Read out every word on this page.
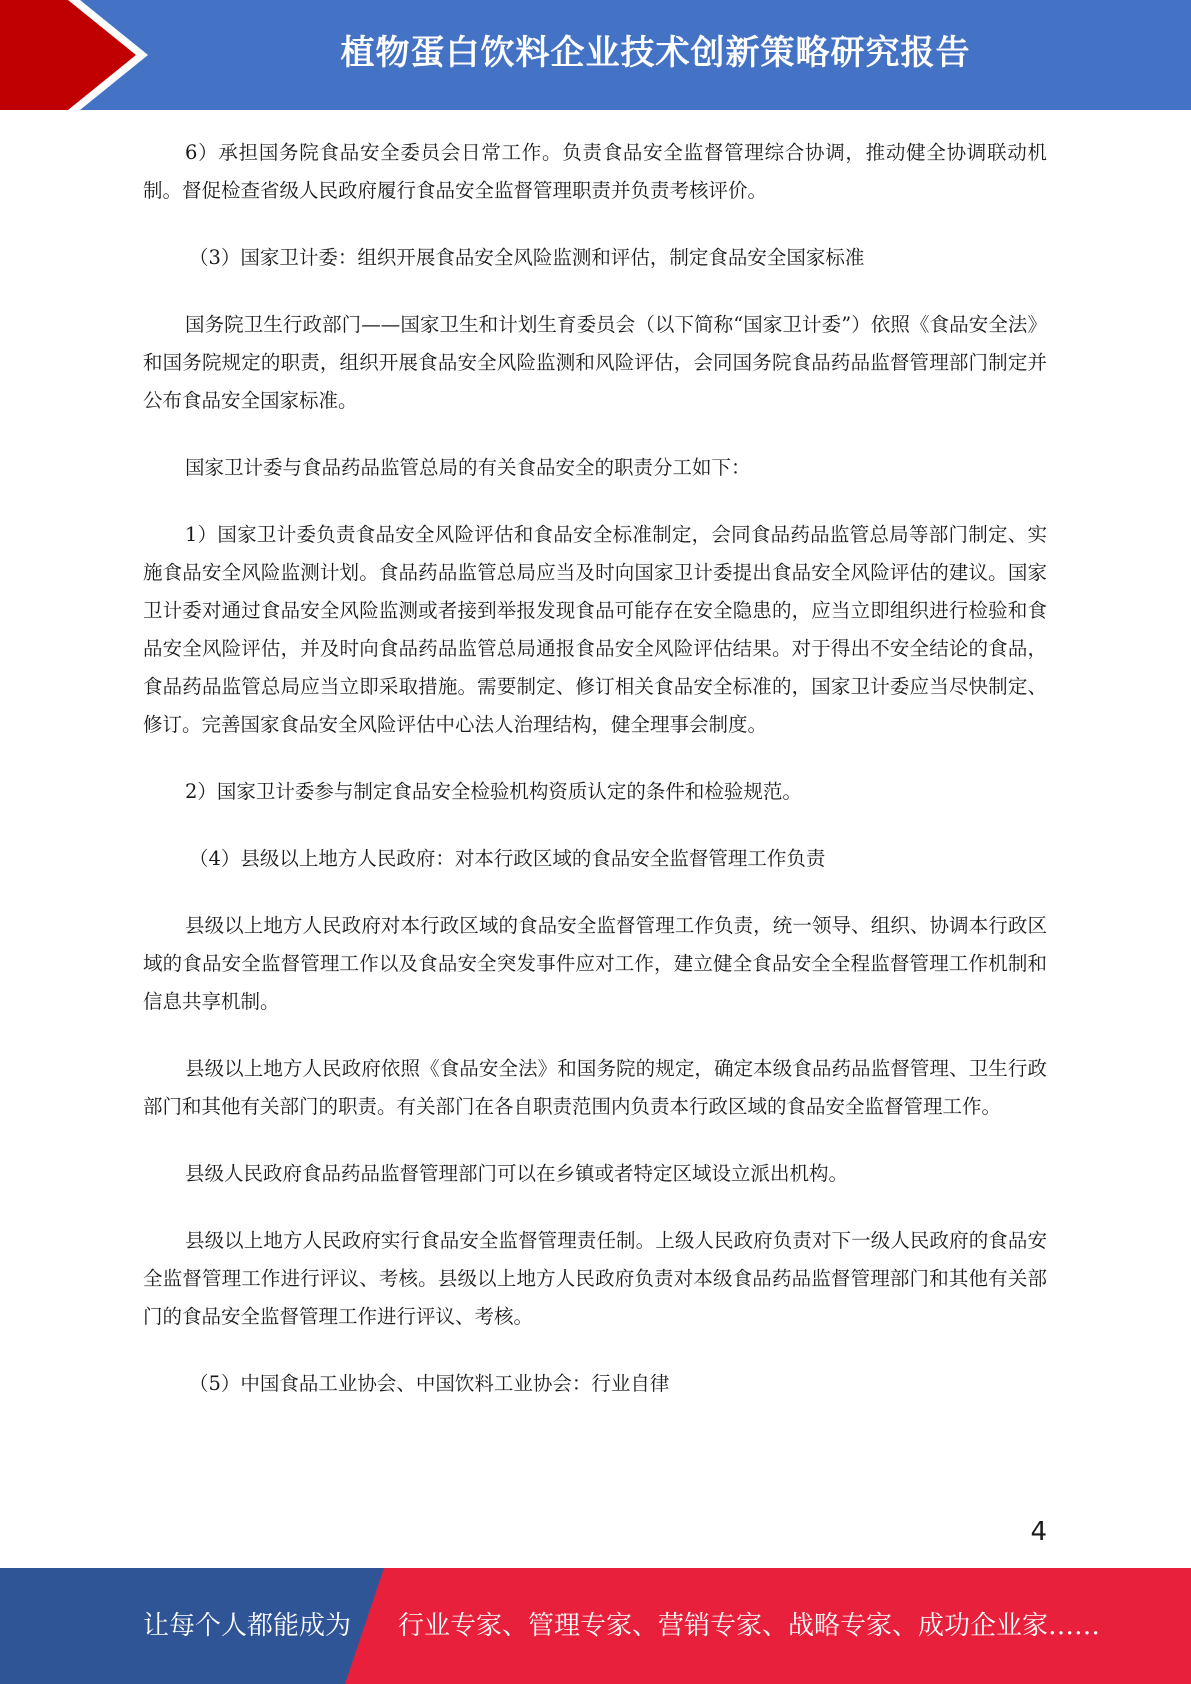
植物蛋白饮料企业技术创新策略研究报告

6）承担国务院食品安全委员会日常工作。负责食品安全监督管理综合协调，推动健全协调联动机制。督促检查省级人民政府履行食品安全监督管理职责并负责考核评价。

（3）国家卫计委：组织开展食品安全风险监测和评估，制定食品安全国家标准

国务院卫生行政部门——国家卫生和计划生育委员会（以下简称“国家卫计委”）依照《食品安全法》和国务院规定的职责，组织开展食品安全风险监测和风险评估，会同国务院食品药品监督管理部门制定并公布食品安全国家标准。

国家卫计委与食品药品监管总局的有关食品安全的职责分工如下：

1）国家卫计委负责食品安全风险评估和食品安全标准制定，会同食品药品监管总局等部门制定、实施食品安全风险监测计划。食品药品监管总局应当及时向国家卫计委提出食品安全风险评估的建议。国家卫计委对通过食品安全风险监测或者接到举报发现食品可能存在安全隐患的，应当立即组织进行检验和食品安全风险评估，并及时向食品药品监管总局通报食品安全风险评估结果。对于得出不安全结论的食品，食品药品监管总局应当立即采取措施。需要制定、修订相关食品安全标准的，国家卫计委应当尽快制定、修订。完善国家食品安全风险评估中心法人治理结构，健全理事会制度。

2）国家卫计委参与制定食品安全检验机构资质认定的条件和检验规范。

（4）县级以上地方人民政府：对本行政区域的食品安全监督管理工作负责

县级以上地方人民政府对本行政区域的食品安全监督管理工作负责，统一领导、组织、协调本行政区域的食品安全监督管理工作以及食品安全突发事件应对工作，建立健全食品安全全程监督管理工作机制和信息共享机制。

县级以上地方人民政府依照《食品安全法》和国务院的规定，确定本级食品药品监督管理、卫生行政部门和其他有关部门的职责。有关部门在各自职责范围内负责本行政区域的食品安全监督管理工作。

县级人民政府食品药品监督管理部门可以在乡镇或者特定区域设立派出机构。

县级以上地方人民政府实行食品安全监督管理责任制。上级人民政府负责对下一级人民政府的食品安全监督管理工作进行评议、考核。县级以上地方人民政府负责对本级食品药品监督管理部门和其他有关部门的食品安全监督管理工作进行评议、考核。

（5）中国食品工业协会、中国饮料工业协会：行业自律

4
让每个人都能成为 行业专家、管理专家、营销专家、战略专家、成功企业家……
